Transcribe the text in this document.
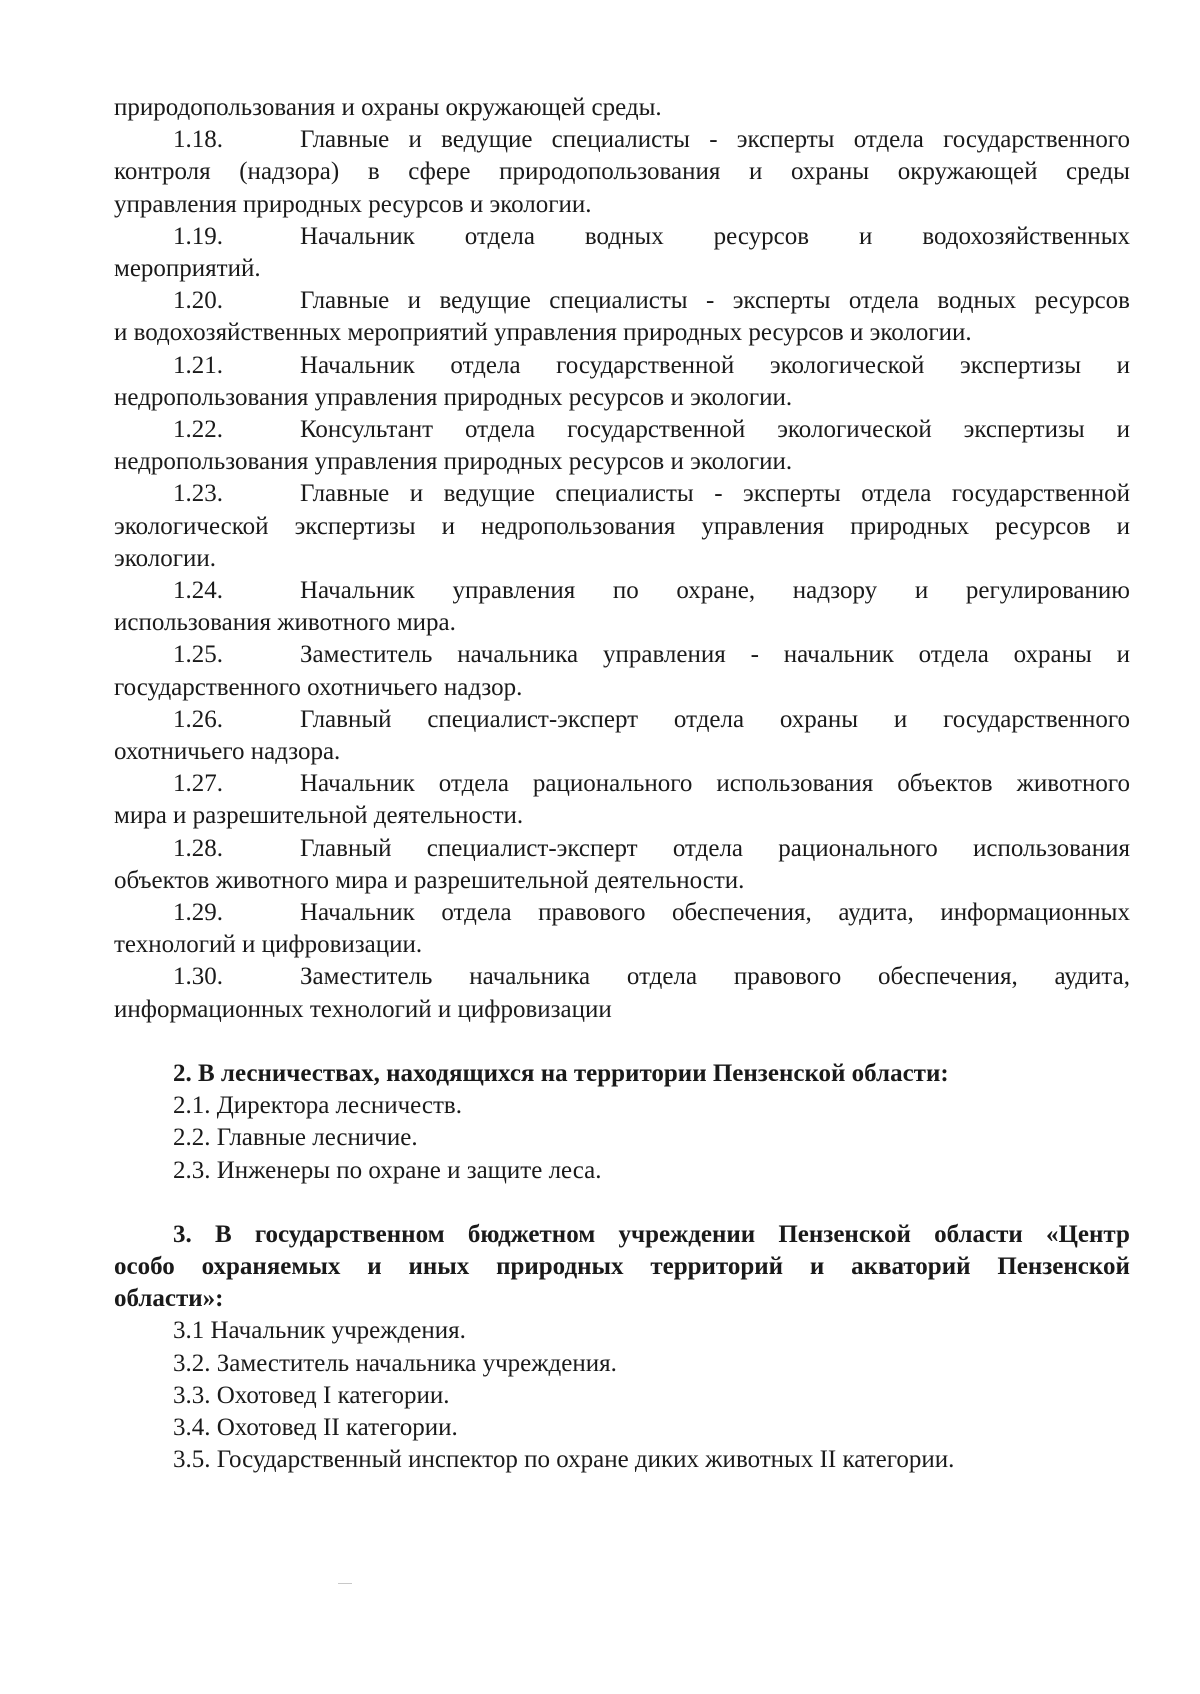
природопользования и охраны окружающей среды.
1.18.	Главные и ведущие специалисты - эксперты отдела государственного
контроля (надзора) в сфере природопользования и охраны окружающей среды
управления природных ресурсов и экологии.
1.19.	Начальник отдела водных ресурсов и водохозяйственных
мероприятий.
1.20.	Главные и ведущие специалисты - эксперты отдела водных ресурсов
и водохозяйственных мероприятий управления природных ресурсов и экологии.
1.21.	Начальник отдела государственной экологической экспертизы и
недропользования управления природных ресурсов и экологии.
1.22.	Консультант отдела государственной экологической экспертизы и
недропользования управления природных ресурсов и экологии.
1.23.	Главные и ведущие специалисты - эксперты отдела государственной
экологической экспертизы и недропользования управления природных ресурсов и
экологии.
1.24.	Начальник управления по охране, надзору и регулированию
использования животного мира.
1.25.	Заместитель начальника управления - начальник отдела охраны и
государственного охотничьего надзор.
1.26.	Главный специалист-эксперт отдела охраны и государственного
охотничьего надзора.
1.27.	Начальник отдела рационального использования объектов животного
мира и разрешительной деятельности.
1.28.	Главный специалист-эксперт отдела рационального использования
объектов животного мира и разрешительной деятельности.
1.29.	Начальник отдела правового обеспечения, аудита, информационных
технологий и цифровизации.
1.30.	Заместитель начальника отдела правового обеспечения, аудита,
информационных технологий и цифровизации
2. В лесничествах, находящихся на территории Пензенской области:
2.1. Директора лесничеств.
2.2. Главные лесничие.
2.3. Инженеры по охране и защите леса.
3. В государственном бюджетном учреждении Пензенской области «Центр
особо охраняемых и иных природных территорий и акваторий Пензенской
области»:
3.1 Начальник учреждения.
3.2. Заместитель начальника учреждения.
3.3. Охотовед I категории.
3.4. Охотовед II категории.
3.5. Государственный инспектор по охране диких животных II категории.
